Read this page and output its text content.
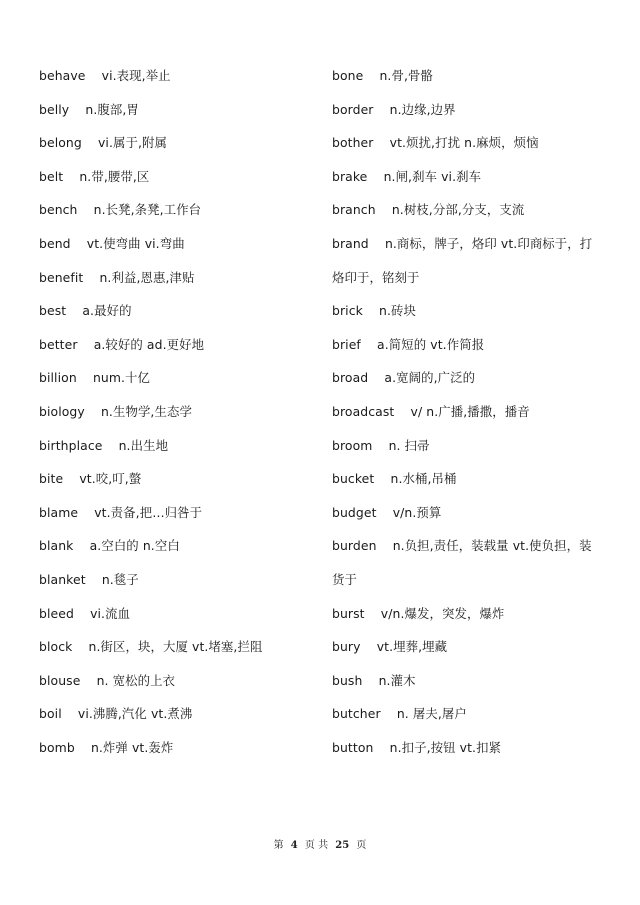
behave vi.表现,举止
belly n.腹部,胃
belong vi.属于,附属
belt n.带,腰带,区
bench n.长凳,条凳,工作台
bend vt.使弯曲 vi.弯曲
benefit n.利益,恩惠,津贴
best a.最好的
better a.较好的 ad.更好地
billion num.十亿
biology n.生物学,生态学
birthplace n.出生地
bite vt.咬,叮,螫
blame vt.责备,把…归咎于
blank a.空白的 n.空白
blanket n.毯子
bleed vi.流血
block n.街区，块，大厦 vt.堵塞,拦阻
blouse n. 宽松的上衣
boil vi.沸腾,汽化 vt.煮沸
bomb n.炸弹 vt.轰炸
bone n.骨,骨骼
border n.边缘,边界
bother vt.烦扰,打扰 n.麻烦，烦恼
brake n.闸,刹车 vi.刹车
branch n.树枝,分部,分支，支流
brand n.商标，牌子，烙印 vt.印商标于，打
烙印于，铭刻于
brick n.砖块
brief a.简短的 vt.作简报
broad a.宽阔的,广泛的
broadcast v/ n.广播,播撒，播音
broom n. 扫帚
bucket n.水桶,吊桶
budget v/n.预算
burden n.负担,责任，装载量 vt.使负担，装
货于
burst v/n.爆发，突发，爆炸
bury vt.埋葬,埋藏
bush n.灌木
butcher n. 屠夫,屠户
button n.扣子,按钮 vt.扣紧
第 4 页 共 25 页
